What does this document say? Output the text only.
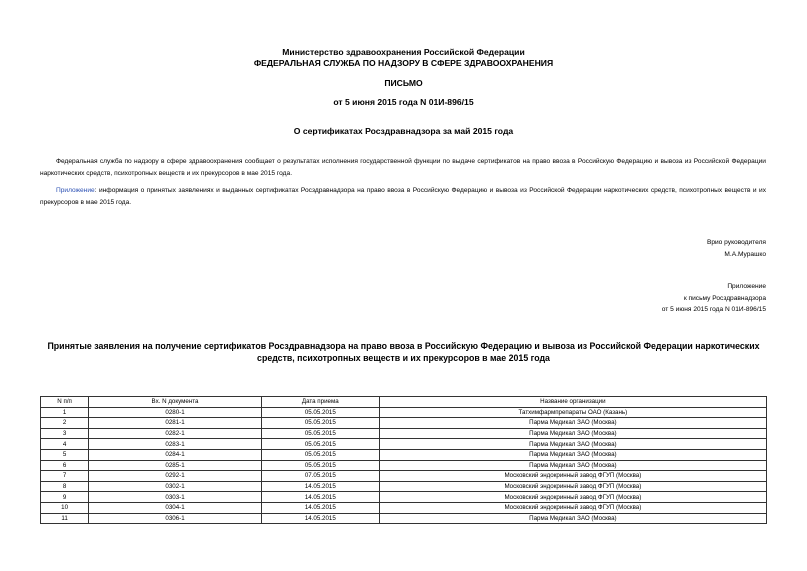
Министерство здравоохранения Российской Федерации
ФЕДЕРАЛЬНАЯ СЛУЖБА ПО НАДЗОРУ В СФЕРЕ ЗДРАВООХРАНЕНИЯ
ПИСЬМО
от 5 июня 2015 года N 01И-896/15
О сертификатах Росздравнадзора за май 2015 года
Федеральная служба по надзору в сфере здравоохранения сообщает о результатах исполнения государственной функции по выдаче сертификатов на право ввоза в Российскую Федерацию и вывоза из Российской Федерации наркотических средств, психотропных веществ и их прекурсоров в мае 2015 года.
Приложение: информация о принятых заявлениях и выданных сертификатах Росздравнадзора на право ввоза в Российскую Федерацию и вывоза из Российской Федерации наркотических средств, психотропных веществ и их прекурсоров в мае 2015 года.
Врио руководителя
М.А.Мурашко
Приложение
к письму Росздравнадзора
от 5 июня 2015 года N 01И-896/15
Принятые заявления на получение сертификатов Росздравнадзора на право ввоза в Российскую Федерацию и вывоза из Российской Федерации наркотических средств, психотропных веществ и их прекурсоров в мае 2015 года
N п/п	Вх. N документа	Дата приема	Название организации
1	0280-1	05.05.2015	Татхимфармпрепараты ОАО (Казань)
2	0281-1	05.05.2015	Парма Медикал ЗАО (Москва)
3	0282-1	05.05.2015	Парма Медикал ЗАО (Москва)
4	0283-1	05.05.2015	Парма Медикал ЗАО (Москва)
5	0284-1	05.05.2015	Парма Медикал ЗАО (Москва)
6	0285-1	05.05.2015	Парма Медикал ЗАО (Москва)
7	0292-1	07.05.2015	Московский эндокринный завод ФГУП (Москва)
8	0302-1	14.05.2015	Московский эндокринный завод ФГУП (Москва)
9	0303-1	14.05.2015	Московский эндокринный завод ФГУП (Москва)
10	0304-1	14.05.2015	Московский эндокринный завод ФГУП (Москва)
11	0306-1	14.05.2015	Парма Медикал ЗАО (Москва)
